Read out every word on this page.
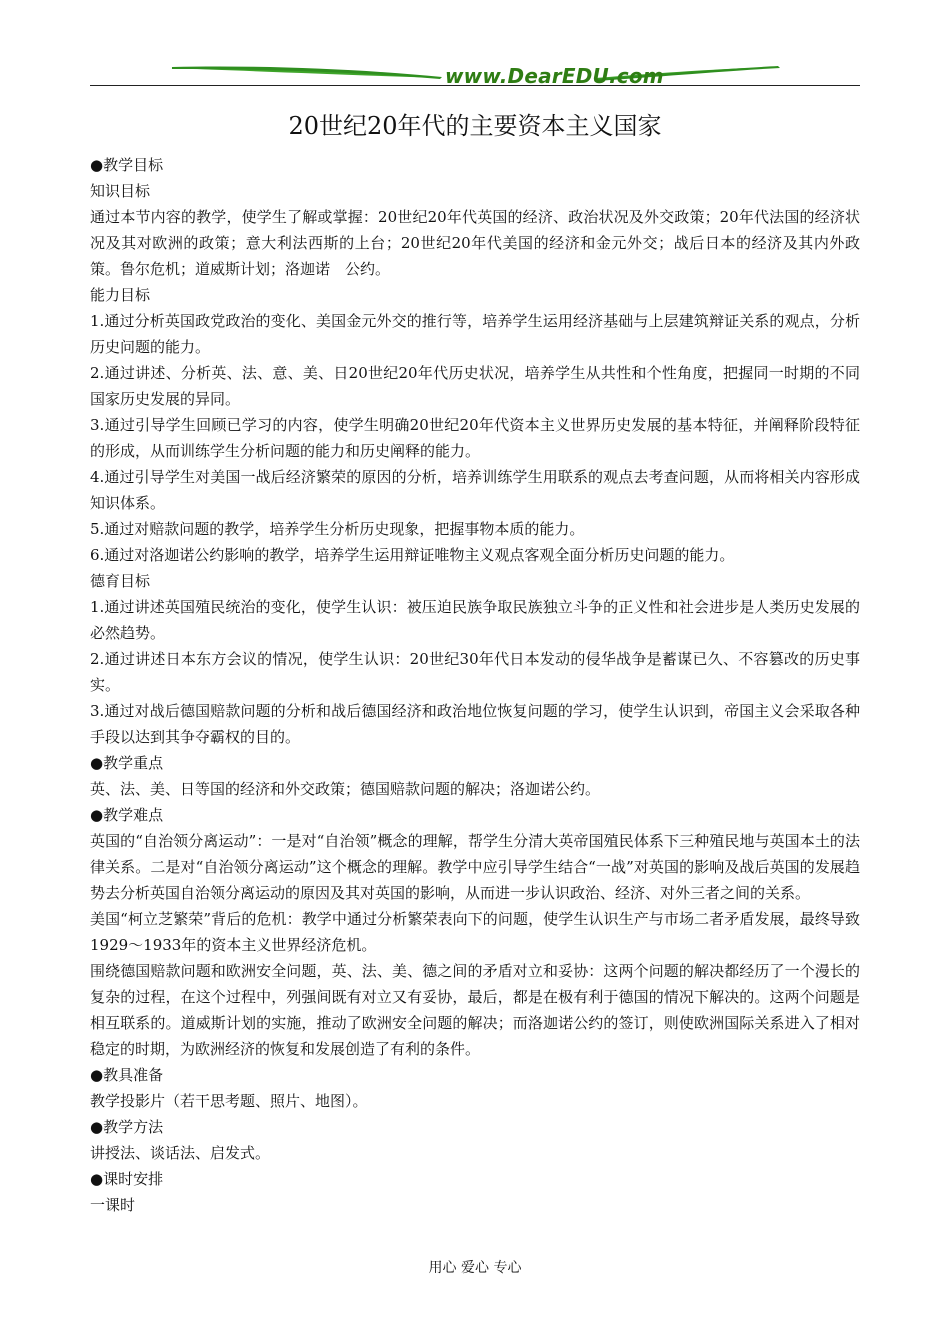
www.DearEDU.com
20世纪20年代的主要资本主义国家

●教学目标

知识目标

通过本节内容的教学，使学生了解或掌握：20世纪20年代英国的经济、政治状况及外交政策；20年代法国的经济状况及其对欧洲的政策；意大利法西斯的上台；20世纪20年代美国的经济和金元外交；战后日本的经济及其内外政策。鲁尔危机；道威斯计划；洛迦诺　公约。

能力目标

1.通过分析英国政党政治的变化、美国金元外交的推行等，培养学生运用经济基础与上层建筑辩证关系的观点，分析历史问题的能力。

2.通过讲述、分析英、法、意、美、日20世纪20年代历史状况，培养学生从共性和个性角度，把握同一时期的不同国家历史发展的异同。

3.通过引导学生回顾已学习的内容，使学生明确20世纪20年代资本主义世界历史发展的基本特征，并阐释阶段特征的形成，从而训练学生分析问题的能力和历史阐释的能力。

4.通过引导学生对美国一战后经济繁荣的原因的分析，培养训练学生用联系的观点去考查问题，从而将相关内容形成知识体系。

5.通过对赔款问题的教学，培养学生分析历史现象，把握事物本质的能力。

6.通过对洛迦诺公约影响的教学，培养学生运用辩证唯物主义观点客观全面分析历史问题的能力。

德育目标

1.通过讲述英国殖民统治的变化，使学生认识：被压迫民族争取民族独立斗争的正义性和社会进步是人类历史发展的必然趋势。

2.通过讲述日本东方会议的情况，使学生认识：20世纪30年代日本发动的侵华战争是蓄谋已久、不容篡改的历史事实。

3.通过对战后德国赔款问题的分析和战后德国经济和政治地位恢复问题的学习，使学生认识到，帝国主义会采取各种手段以达到其争夺霸权的目的。

●教学重点

英、法、美、日等国的经济和外交政策；德国赔款问题的解决；洛迦诺公约。

●教学难点

英国的“自治领分离运动”：一是对“自治领”概念的理解，帮学生分清大英帝国殖民体系下三种殖民地与英国本土的法律关系。二是对“自治领分离运动”这个概念的理解。教学中应引导学生结合“一战”对英国的影响及战后英国的发展趋势去分析英国自治领分离运动的原因及其对英国的影响，从而进一步认识政治、经济、对外三者之间的关系。

美国“柯立芝繁荣”背后的危机：教学中通过分析繁荣表向下的问题，使学生认识生产与市场二者矛盾发展，最终导致1929～1933年的资本主义世界经济危机。

围绕德国赔款问题和欧洲安全问题，英、法、美、德之间的矛盾对立和妥协：这两个问题的解决都经历了一个漫长的复杂的过程，在这个过程中，列强间既有对立又有妥协，最后，都是在极有利于德国的情况下解决的。这两个问题是相互联系的。道威斯计划的实施，推动了欧洲安全问题的解决；而洛迦诺公约的签订，则使欧洲国际关系进入了相对稳定的时期，为欧洲经济的恢复和发展创造了有利的条件。

●教具准备

教学投影片（若干思考题、照片、地图）。

●教学方法

讲授法、谈话法、启发式。

●课时安排

一课时

用心 爱心 专心
